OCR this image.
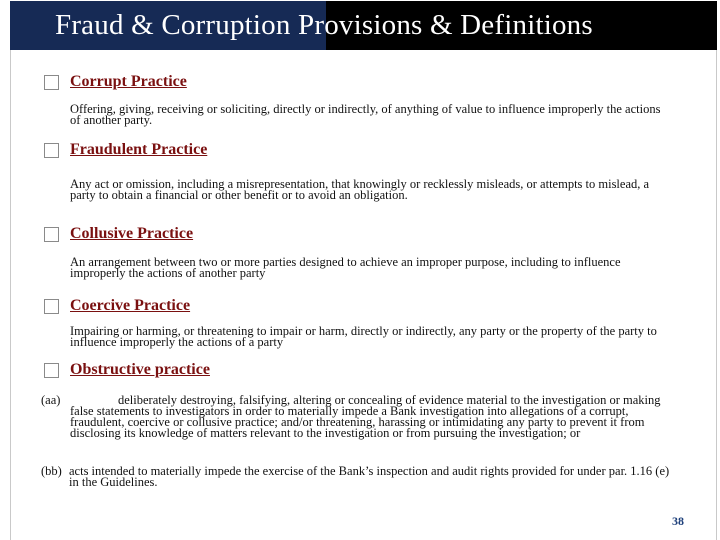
Fraud & Corruption Provisions & Definitions
Corrupt Practice
Offering, giving, receiving or soliciting, directly or indirectly, of anything of value to influence improperly the actions of another party.
Fraudulent Practice
Any act or omission, including a misrepresentation, that knowingly or recklessly misleads, or attempts to mislead, a party to obtain a financial or other benefit or to avoid an obligation.
Collusive Practice
An arrangement between two or more parties designed to achieve an improper purpose, including to influence improperly the actions of another party
Coercive Practice
Impairing or harming, or threatening to impair or harm, directly or indirectly, any party or the property of the party to influence improperly the actions of a party
Obstructive practice
(aa)	deliberately destroying, falsifying, altering or concealing of evidence material to the investigation or making false statements to investigators in order to materially impede a Bank investigation into allegations of a corrupt, fraudulent, coercive or collusive practice; and/or threatening, harassing or intimidating any party to prevent it from disclosing its knowledge of matters relevant to the investigation or from pursuing the investigation; or
(bb) acts intended to materially impede the exercise of the Bank’s inspection and audit rights provided for under par. 1.16 (e) in the Guidelines.
38
